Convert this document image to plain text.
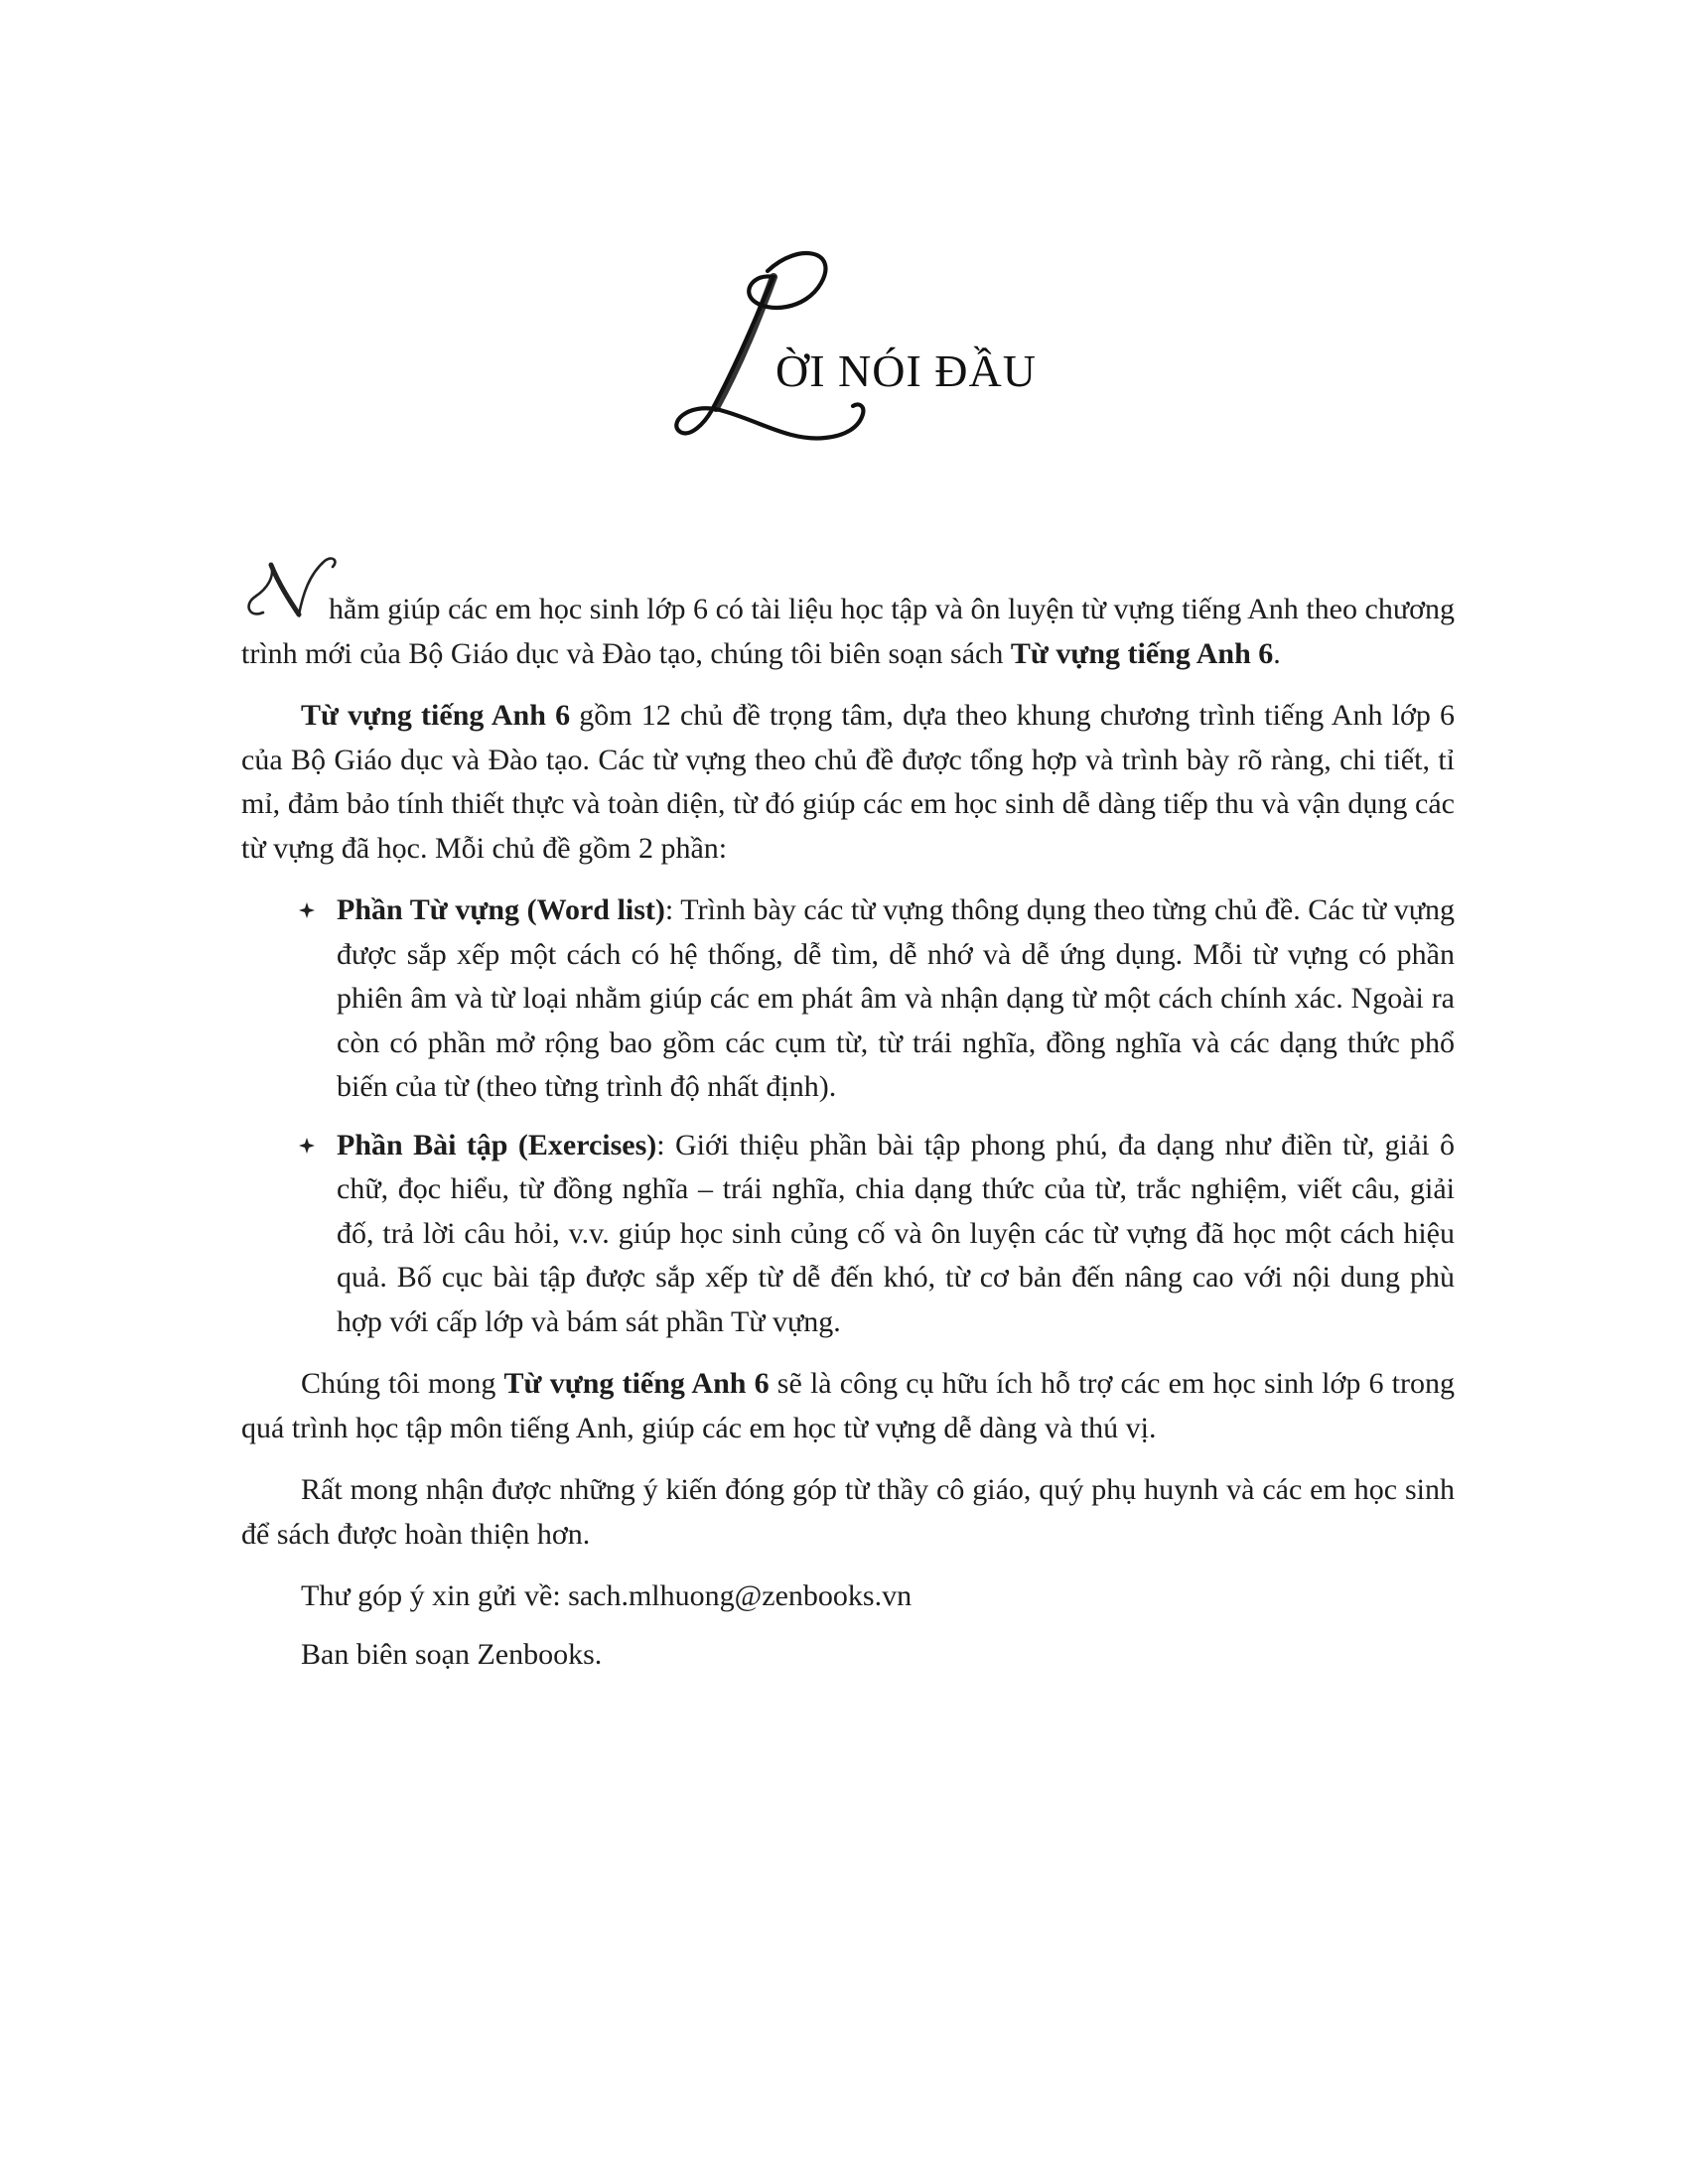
ỜI NÓI ĐẦU

hằm giúp các em học sinh lớp 6 có tài liệu học tập và ôn luyện từ vựng tiếng Anh theo chương trình mới của Bộ Giáo dục và Đào tạo, chúng tôi biên soạn sách Từ vựng tiếng Anh 6.

Từ vựng tiếng Anh 6 gồm 12 chủ đề trọng tâm, dựa theo khung chương trình tiếng Anh lớp 6 của Bộ Giáo dục và Đào tạo. Các từ vựng theo chủ đề được tổng hợp và trình bày rõ ràng, chi tiết, tỉ mỉ, đảm bảo tính thiết thực và toàn diện, từ đó giúp các em học sinh dễ dàng tiếp thu và vận dụng các từ vựng đã học. Mỗi chủ đề gồm 2 phần:

Phần Từ vựng (Word list): Trình bày các từ vựng thông dụng theo từng chủ đề. Các từ vựng được sắp xếp một cách có hệ thống, dễ tìm, dễ nhớ và dễ ứng dụng. Mỗi từ vựng có phần phiên âm và từ loại nhằm giúp các em phát âm và nhận dạng từ một cách chính xác. Ngoài ra còn có phần mở rộng bao gồm các cụm từ, từ trái nghĩa, đồng nghĩa và các dạng thức phổ biến của từ (theo từng trình độ nhất định).
Phần Bài tập (Exercises): Giới thiệu phần bài tập phong phú, đa dạng như điền từ, giải ô chữ, đọc hiểu, từ đồng nghĩa – trái nghĩa, chia dạng thức của từ, trắc nghiệm, viết câu, giải đố, trả lời câu hỏi, v.v. giúp học sinh củng cố và ôn luyện các từ vựng đã học một cách hiệu quả. Bố cục bài tập được sắp xếp từ dễ đến khó, từ cơ bản đến nâng cao với nội dung phù hợp với cấp lớp và bám sát phần Từ vựng.

Chúng tôi mong Từ vựng tiếng Anh 6 sẽ là công cụ hữu ích hỗ trợ các em học sinh lớp 6 trong quá trình học tập môn tiếng Anh, giúp các em học từ vựng dễ dàng và thú vị.

Rất mong nhận được những ý kiến đóng góp từ thầy cô giáo, quý phụ huynh và các em học sinh để sách được hoàn thiện hơn.

Thư góp ý xin gửi về: sach.mlhuong@zenbooks.vn

Ban biên soạn Zenbooks.
